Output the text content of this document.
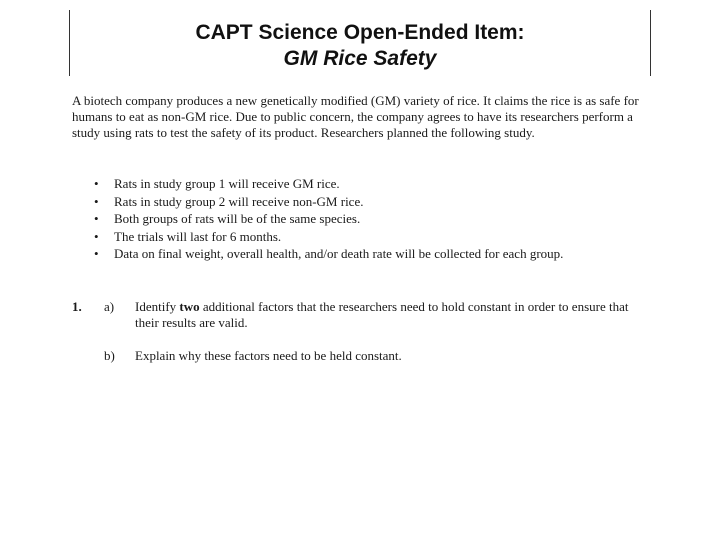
CAPT Science Open-Ended Item:
GM Rice Safety

A biotech company produces a new genetically modified (GM) variety of rice. It claims the rice is as safe for humans to eat as non-GM rice. Due to public concern, the company agrees to have its researchers perform a study using rats to test the safety of its product. Researchers planned the following study.

• Rats in study group 1 will receive GM rice.
• Rats in study group 2 will receive non-GM rice.
• Both groups of rats will be of the same species.
• The trials will last for 6 months.
• Data on final weight, overall health, and/or death rate will be collected for each group.
1. a) Identify two additional factors that the researchers need to hold constant in order to ensure that their results are valid.
b) Explain why these factors need to be held constant.
